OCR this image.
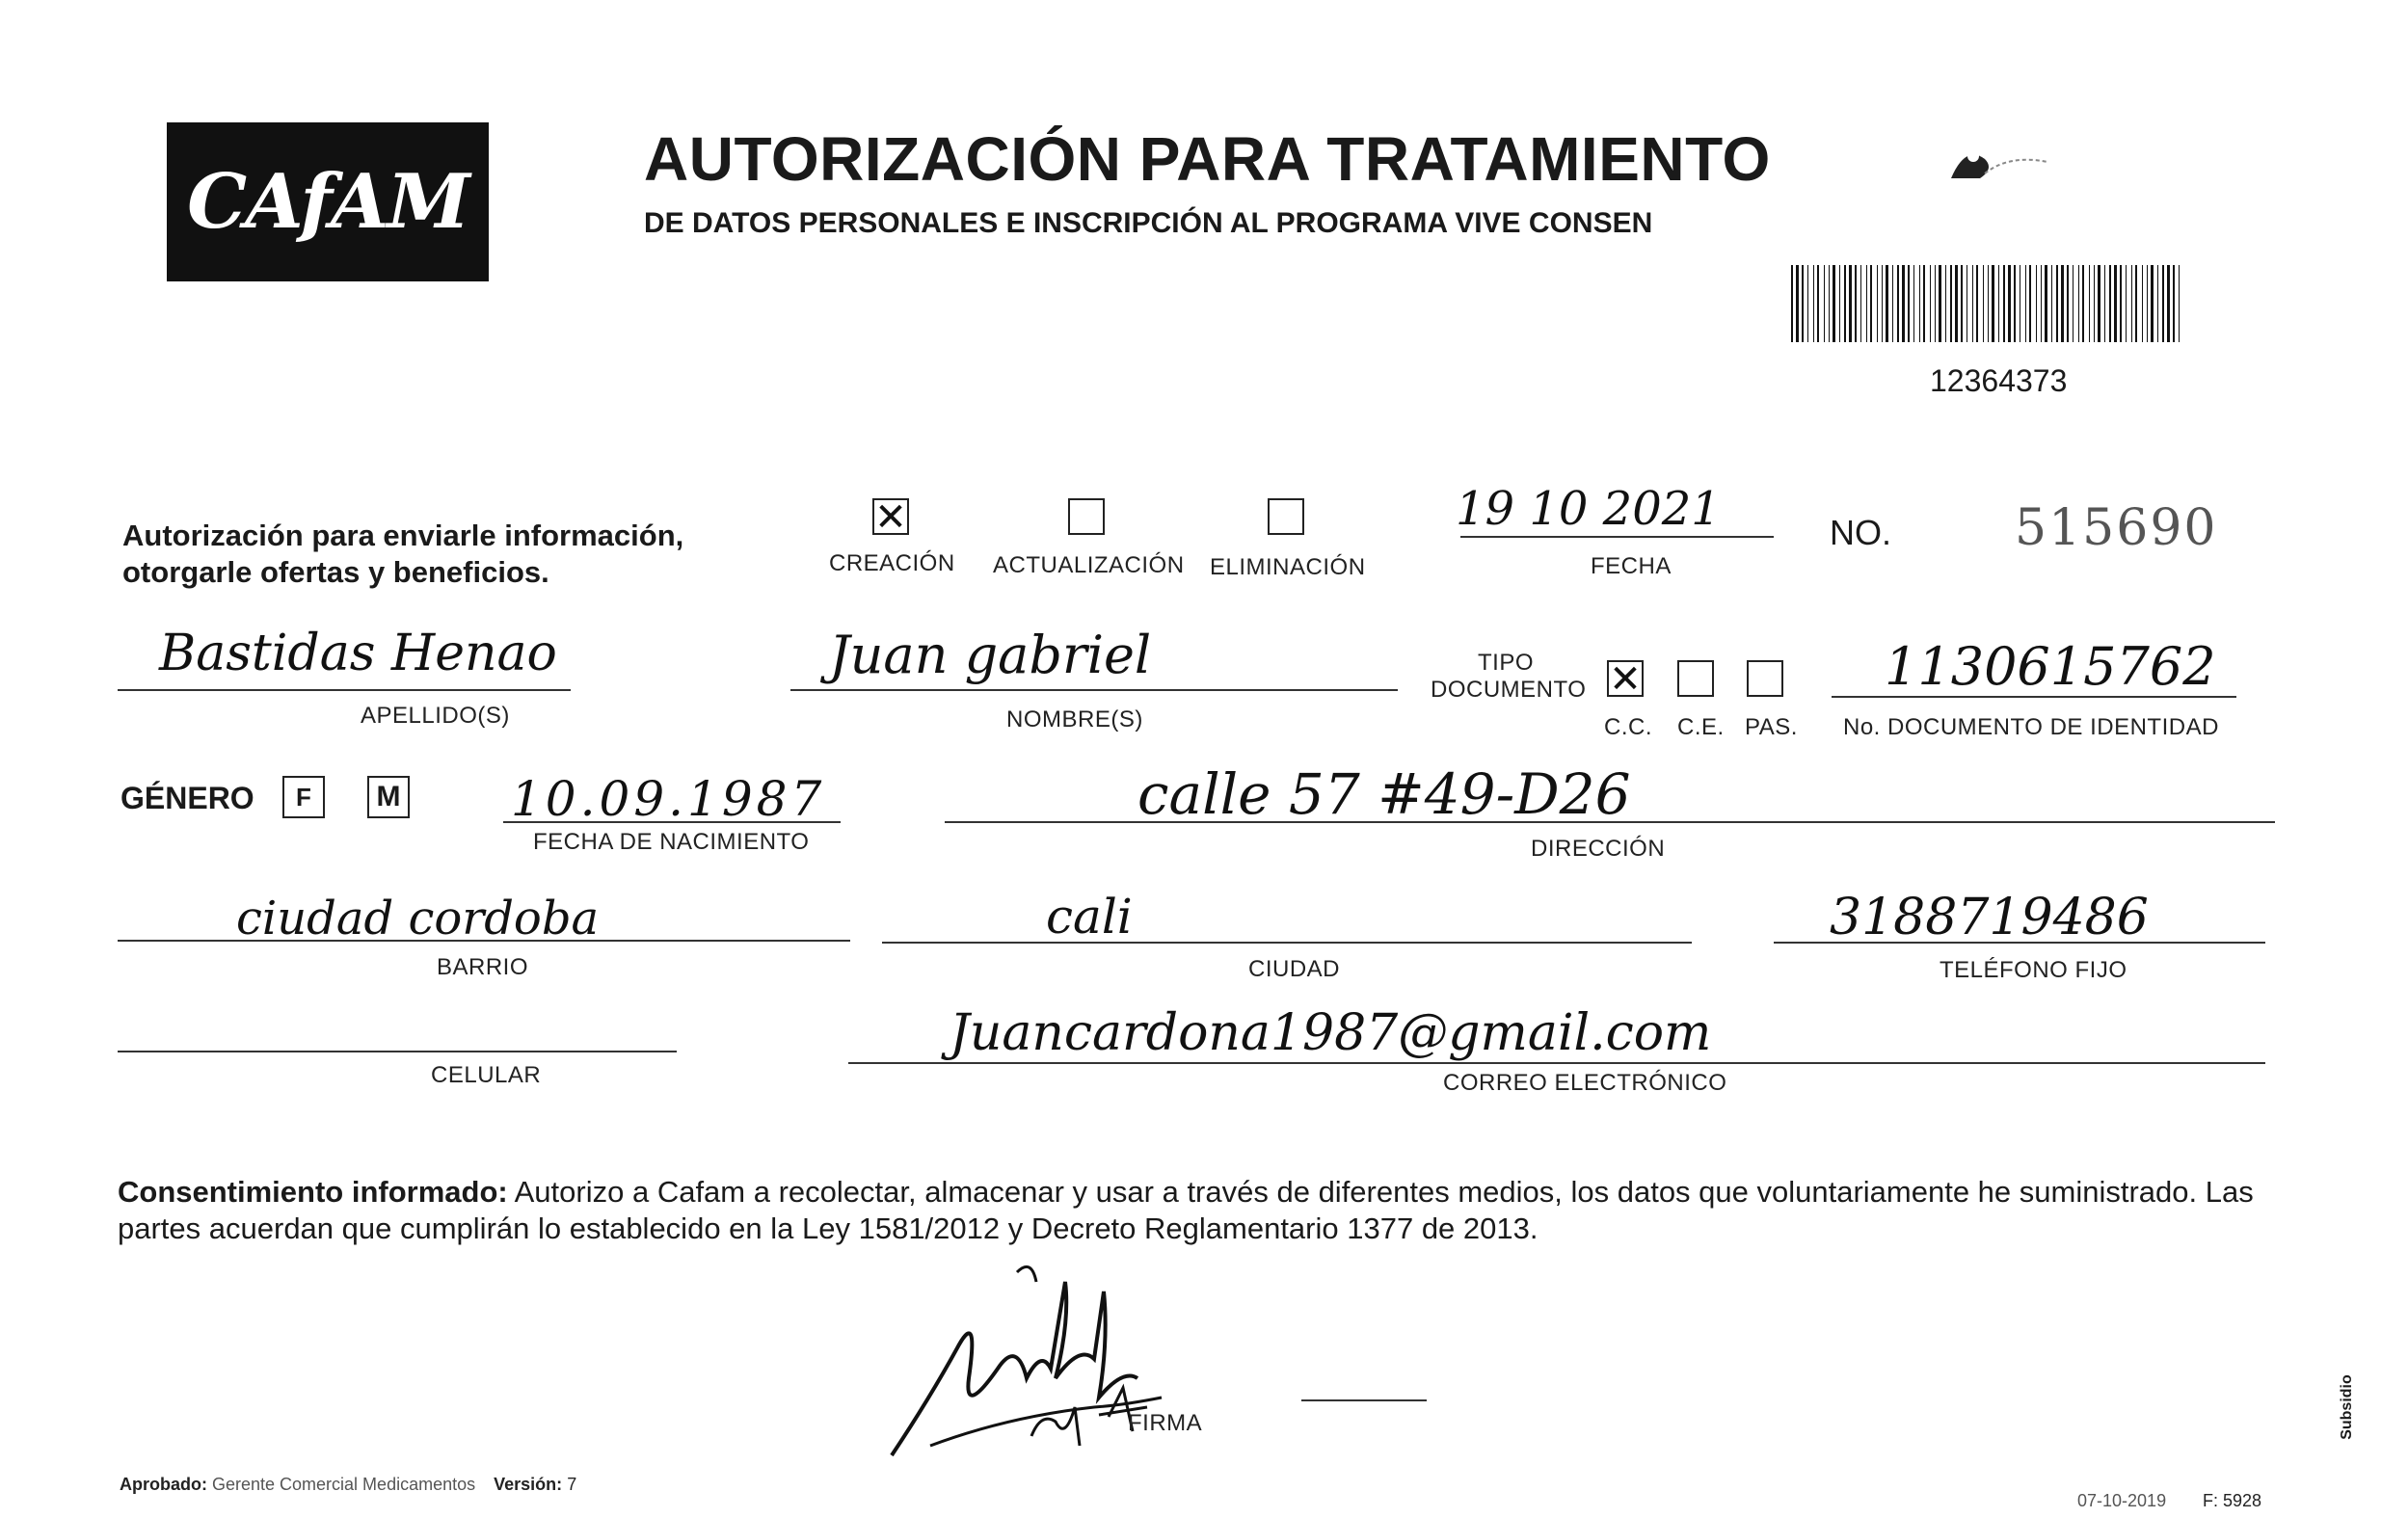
CAfAM	AUTORIZACIÓN PARA TRATAMIENTO
DE DATOS PERSONALES E INSCRIPCIÓN AL PROGRAMA VIVE CONSEN
12364373
Autorización para enviarle información,
otorgarle ofertas y beneficios.
✕
CREACIÓN ACTUALIZACIÓN ELIMINACIÓN
19 10 2021
FECHA
NO. 515690
Bastidas Henao
APELLIDO(S)
Juan gabriel
NOMBRE(S)
TIPO
DOCUMENTO ✕
C.C. C.E. PAS.
1130615762
No. DOCUMENTO DE IDENTIDAD
GÉNERO	F	M 10.09.1987
FECHA DE NACIMIENTO
calle 57 #49-D26
DIRECCIÓN
ciudad cordoba
BARRIO
cali
CIUDAD
3188719486
TELÉFONO FIJO
CELULAR
Juancardona1987@gmail.com
CORREO ELECTRÓNICO
Consentimiento informado: Autorizo a Cafam a recolectar, almacenar y usar a través de diferentes medios, los datos que voluntariamente he suministrado. Las partes acuerdan que cumplirán lo establecido en la Ley 1581/2012 y Decreto Reglamentario 1377 de 2013.
FIRMA
Aprobado: Gerente Comercial Medicamentos Versión: 7
07-10-2019 F: 5928
Subsidio
